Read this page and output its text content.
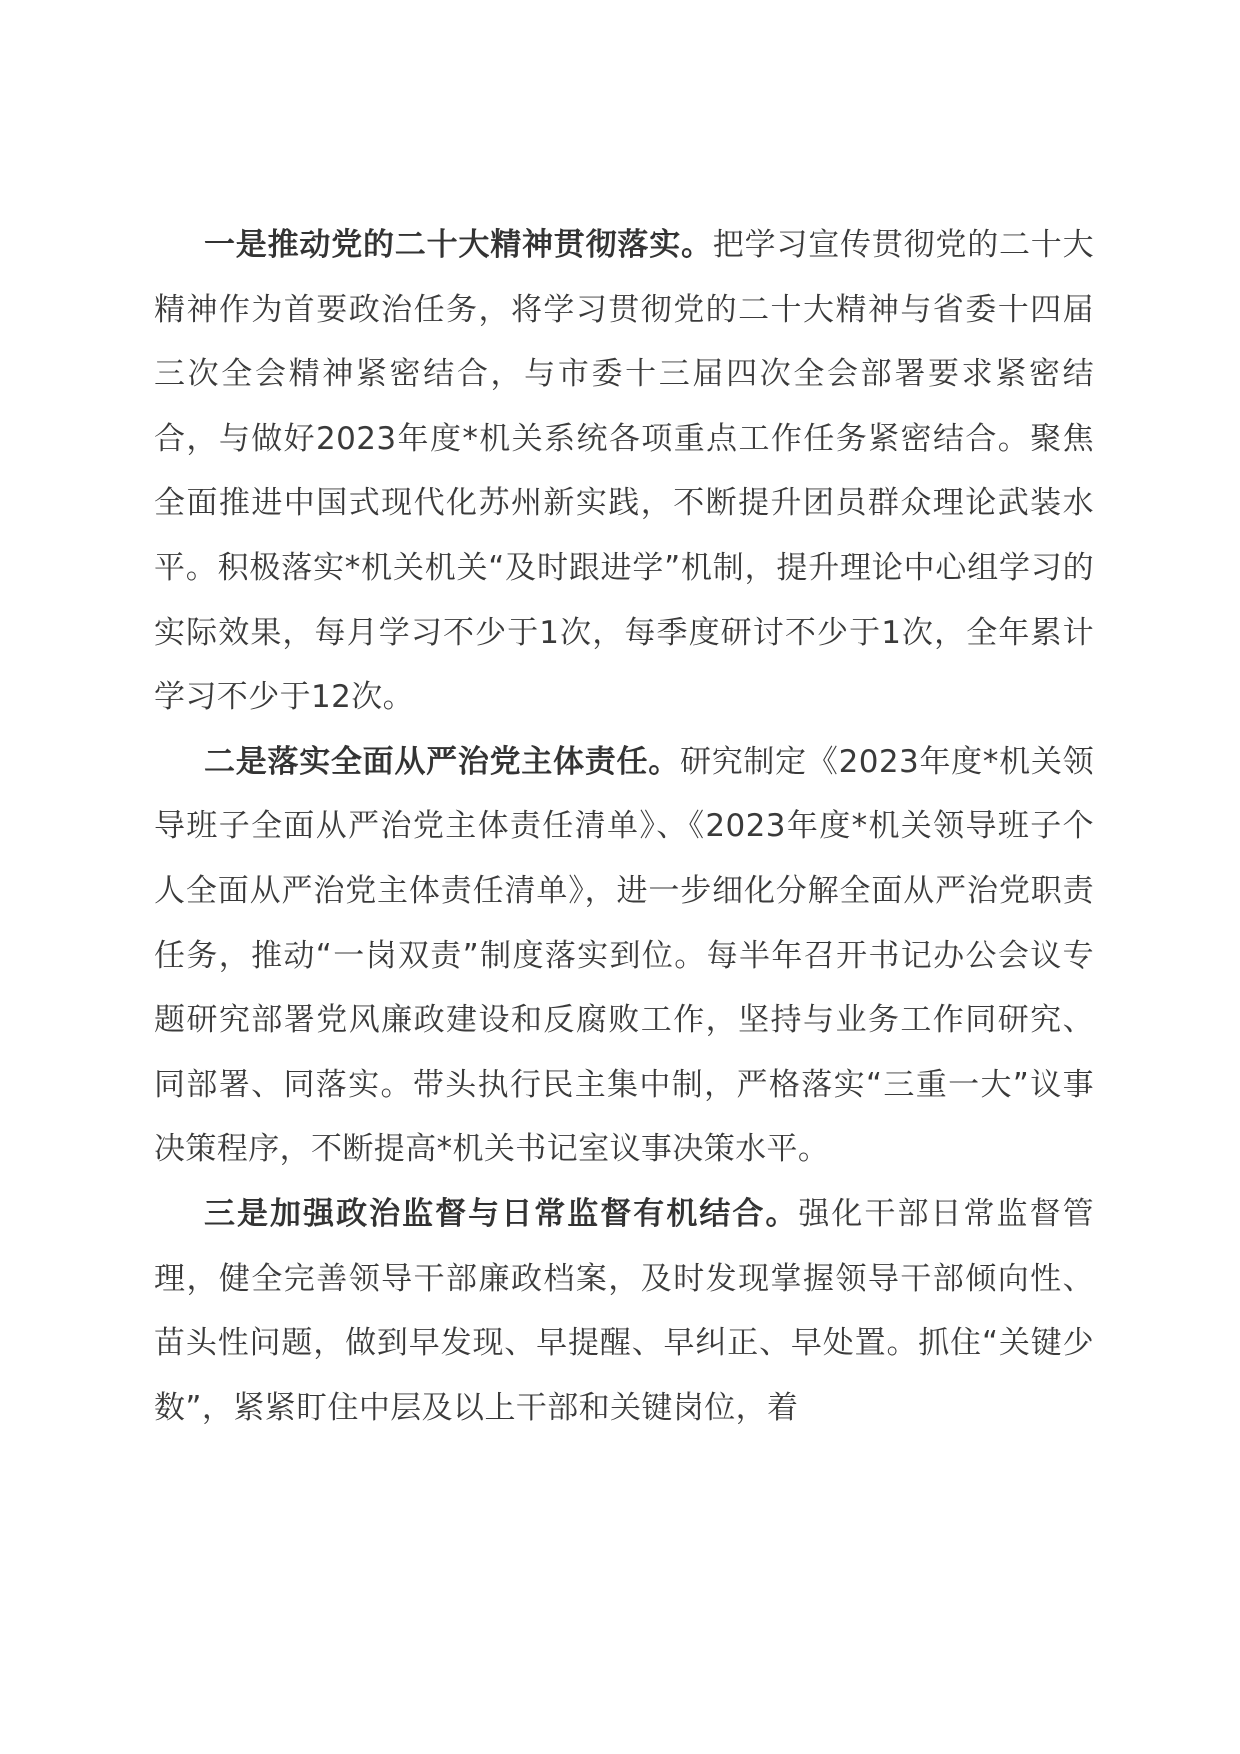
一是推动党的二十大精神贯彻落实。把学习宣传贯彻党的二十大精神作为首要政治任务，将学习贯彻党的二十大精神与省委十四届三次全会精神紧密结合，与市委十三届四次全会部署要求紧密结合，与做好2023年度*机关系统各项重点工作任务紧密结合。聚焦全面推进中国式现代化苏州新实践，不断提升团员群众理论武装水平。积极落实*机关机关“及时跟进学”机制，提升理论中心组学习的实际效果，每月学习不少于1次，每季度研讨不少于1次，全年累计学习不少于12次。

二是落实全面从严治党主体责任。研究制定《2023年度*机关领导班子全面从严治党主体责任清单》、《2023年度*机关领导班子个人全面从严治党主体责任清单》，进一步细化分解全面从严治党职责任务，推动“一岗双责”制度落实到位。每半年召开书记办公会议专题研究部署党风廉政建设和反腐败工作，坚持与业务工作同研究、同部署、同落实。带头执行民主集中制，严格落实“三重一大”议事决策程序，不断提高*机关书记室议事决策水平。

三是加强政治监督与日常监督有机结合。强化干部日常监督管理，健全完善领导干部廉政档案，及时发现掌握领导干部倾向性、苗头性问题，做到早发现、早提醒、早纠正、早处置。抓住“关键少数”，紧紧盯住中层及以上干部和关键岗位，着
